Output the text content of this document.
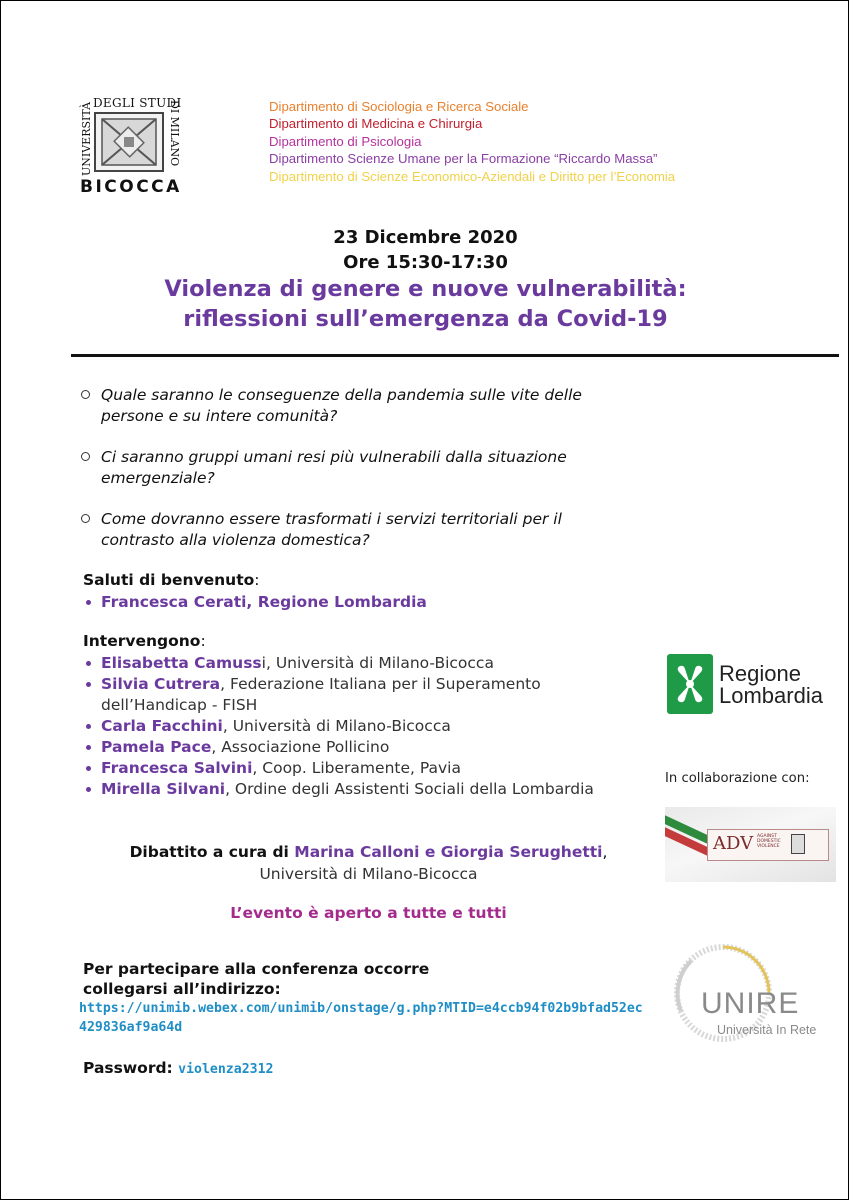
DEGLI STUDI
UNIVERSITÀ	DI MILANO
BICOCCA
Dipartimento di Sociologia e Ricerca Sociale
Dipartimento di Medicina e Chirurgia
Dipartimento di Psicologia
Dipartimento Scienze Umane per la Formazione “Riccardo Massa”
Dipartimento di Scienze Economico-Aziendali e Diritto per l’Economia
23 Dicembre 2020
Ore 15:30-17:30
Violenza di genere e nuove vulnerabilità:
riflessioni sull’emergenza da Covid-19
Quale saranno le conseguenze della pandemia sulle vite delle
persone e su intere comunità?
Ci saranno gruppi umani resi più vulnerabili dalla situazione
emergenziale?
Come dovranno essere trasformati i servizi territoriali per il
contrasto alla violenza domestica?
Saluti di benvenuto:
Francesca Cerati, Regione Lombardia
Intervengono:
Elisabetta Camussi, Università di Milano-Bicocca
Silvia Cutrera, Federazione Italiana per il Superamento
dell’Handicap - FISH
Carla Facchini, Università di Milano-Bicocca
Pamela Pace, Associazione Pollicino
Francesca Salvini, Coop. Liberamente, Pavia
Mirella Silvani, Ordine degli Assistenti Sociali della Lombardia
Dibattito a cura di Marina Calloni e Giorgia Serughetti,
Università di Milano-Bicocca
L’evento è aperto a tutte e tutti
Per partecipare alla conferenza occorre
collegarsi all’indirizzo:
https://unimib.webex.com/unimib/onstage/g.php?MTID=e4ccb94f02b9bfad52ec429836af9a64d
Password: violenza2312
Regione
Lombardia
In collaborazione con:
ADV AGAINST DOMESTIC VIOLENCE
UNIRE
Università In Rete
